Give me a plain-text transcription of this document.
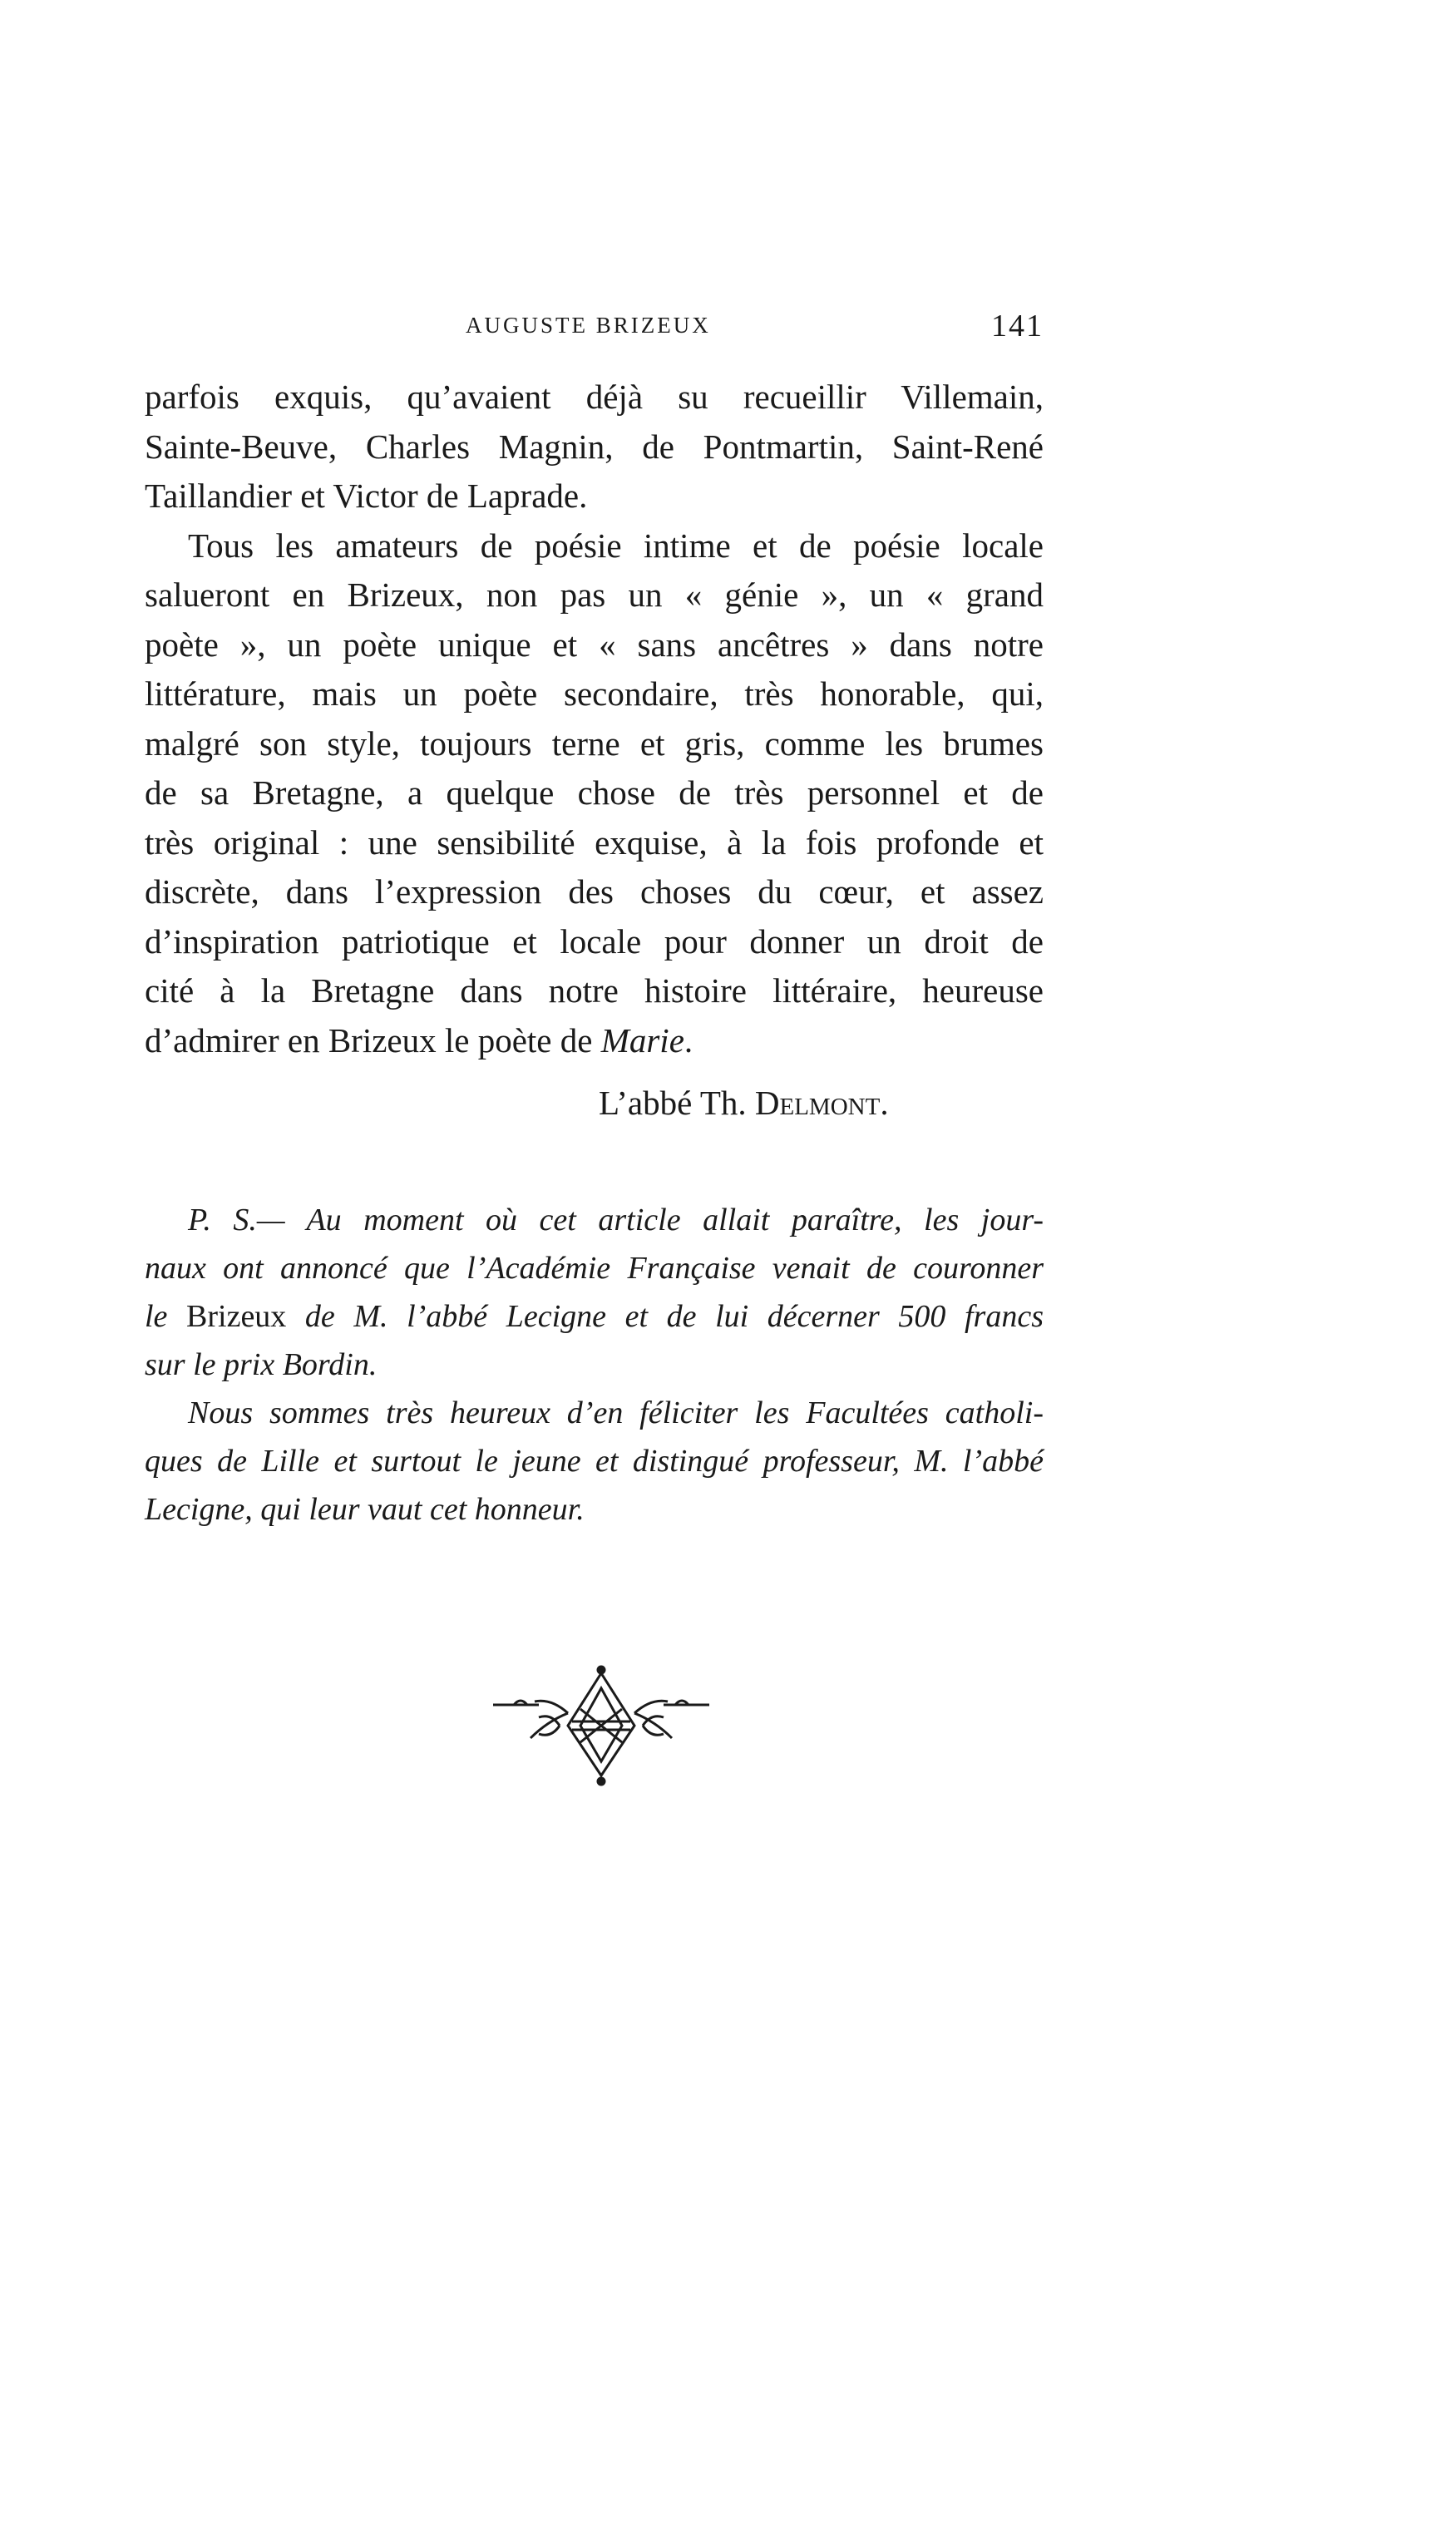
AUGUSTE BRIZEUX	141
parfois exquis, qu’avaient déjà su recueillir Villemain,
Sainte-Beuve, Charles Magnin, de Pontmartin, Saint-René
Taillandier et Victor de Laprade.
Tous les amateurs de poésie intime et de poésie locale
salueront en Brizeux, non pas un « génie », un « grand
poète », un poète unique et « sans ancêtres » dans notre
littérature, mais un poète secondaire, très honorable, qui,
malgré son style, toujours terne et gris, comme les brumes
de sa Bretagne, a quelque chose de très personnel et de
très original : une sensibilité exquise, à la fois profonde et
discrète, dans l’expression des choses du cœur, et assez
d’inspiration patriotique et locale pour donner un droit de
cité à la Bretagne dans notre histoire littéraire, heureuse
d’admirer en Brizeux le poète de Marie.
L’abbé Th. Delmont.
P. S.— Au moment où cet article allait paraître, les jour-
naux ont annoncé que l’Académie Française venait de couronner
le Brizeux de M. l’abbé Lecigne et de lui décerner 500 francs
sur le prix Bordin.
Nous sommes très heureux d’en féliciter les Facultées catholi-
ques de Lille et surtout le jeune et distingué professeur, M. l’abbé
Lecigne, qui leur vaut cet honneur.
